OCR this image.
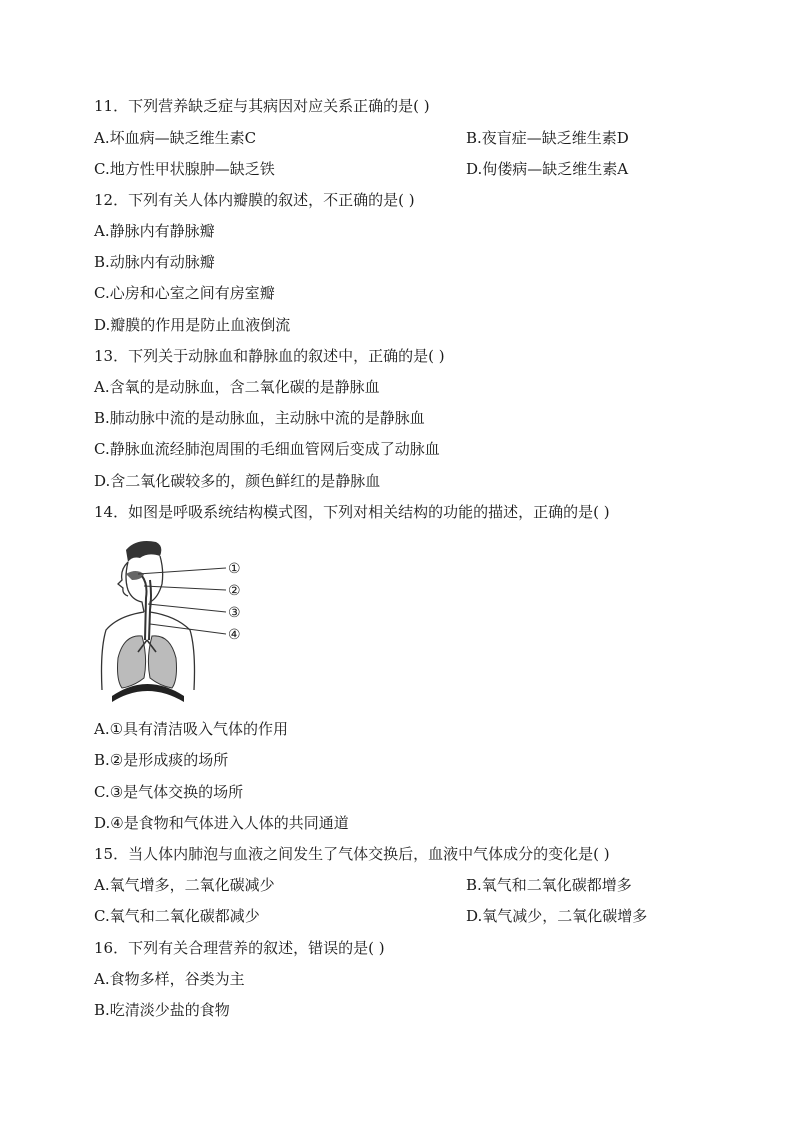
11．下列营养缺乏症与其病因对应关系正确的是( )
A.坏血病—缺乏维生素C	B.夜盲症—缺乏维生素D
C.地方性甲状腺肿—缺乏铁	D.佝偻病—缺乏维生素A
12．下列有关人体内瓣膜的叙述，不正确的是( )
A.静脉内有静脉瓣
B.动脉内有动脉瓣
C.心房和心室之间有房室瓣
D.瓣膜的作用是防止血液倒流
13．下列关于动脉血和静脉血的叙述中，正确的是( )
A.含氧的是动脉血，含二氧化碳的是静脉血
B.肺动脉中流的是动脉血，主动脉中流的是静脉血
C.静脉血流经肺泡周围的毛细血管网后变成了动脉血
D.含二氧化碳较多的，颜色鲜红的是静脉血
14．如图是呼吸系统结构模式图，下列对相关结构的功能的描述，正确的是( )
①
②
③
④
A.①具有清洁吸入气体的作用
B.②是形成痰的场所
C.③是气体交换的场所
D.④是食物和气体进入人体的共同通道
15．当人体内肺泡与血液之间发生了气体交换后，血液中气体成分的变化是( )
A.氧气增多，二氧化碳减少	B.氧气和二氧化碳都增多
C.氧气和二氧化碳都减少	D.氧气减少，二氧化碳增多
16．下列有关合理营养的叙述，错误的是( )
A.食物多样，谷类为主
B.吃清淡少盐的食物
